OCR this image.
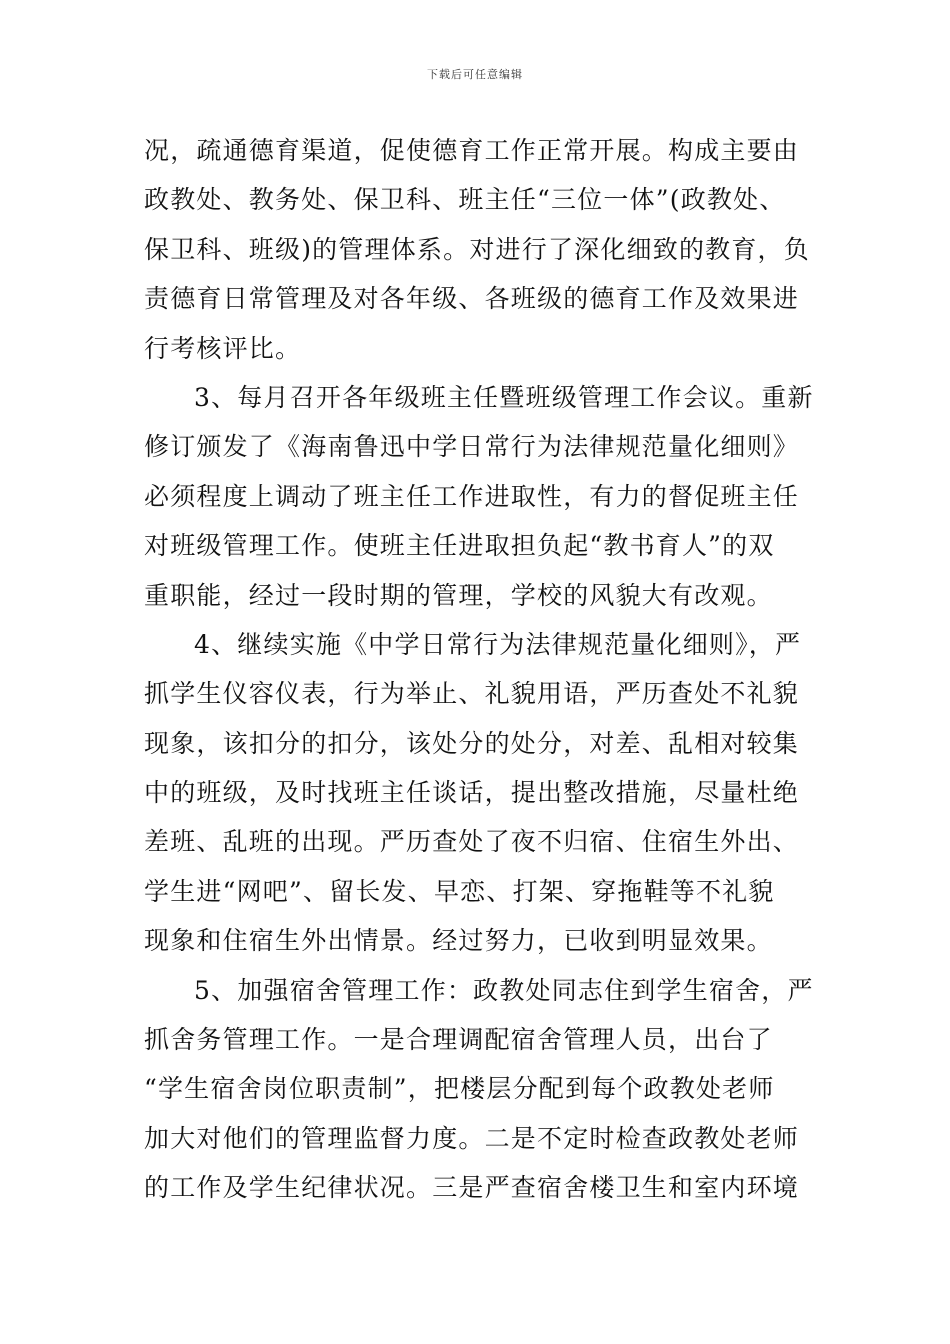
下载后可任意编辑
况，疏通德育渠道，促使德育工作正常开展。构成主要由
政教处、教务处、保卫科、班主任“三位一体”(政教处、
保卫科、班级)的管理体系。对进行了深化细致的教育，负
责德育日常管理及对各年级、各班级的德育工作及效果进
行考核评比。
3、每月召开各年级班主任暨班级管理工作会议。重新
修订颁发了《海南鲁迅中学日常行为法律规范量化细则》
必须程度上调动了班主任工作进取性，有力的督促班主任
对班级管理工作。使班主任进取担负起“教书育人”的双
重职能，经过一段时期的管理，学校的风貌大有改观。
4、继续实施《中学日常行为法律规范量化细则》，严
抓学生仪容仪表，行为举止、礼貌用语，严历查处不礼貌
现象，该扣分的扣分，该处分的处分，对差、乱相对较集
中的班级，及时找班主任谈话，提出整改措施，尽量杜绝
差班、乱班的出现。严历查处了夜不归宿、住宿生外出、
学生进“网吧”、留长发、早恋、打架、穿拖鞋等不礼貌
现象和住宿生外出情景。经过努力，已收到明显效果。
5、加强宿舍管理工作：政教处同志住到学生宿舍，严
抓舍务管理工作。一是合理调配宿舍管理人员，出台了
“学生宿舍岗位职责制”，把楼层分配到每个政教处老师
加大对他们的管理监督力度。二是不定时检查政教处老师
的工作及学生纪律状况。三是严查宿舍楼卫生和室内环境
